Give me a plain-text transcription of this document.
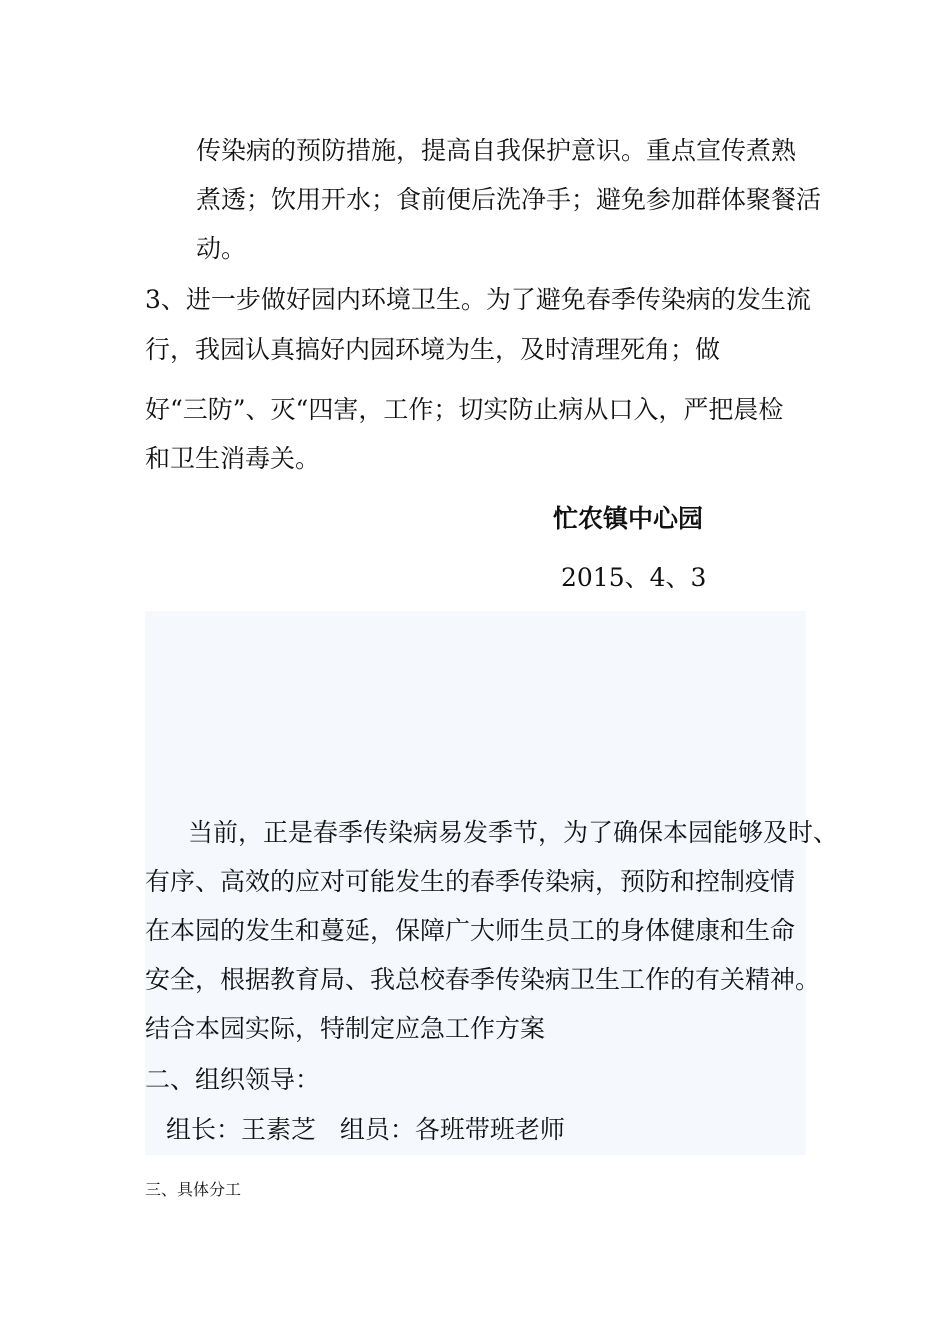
传染病的预防措施，提高自我保护意识。重点宣传煮熟
煮透；饮用开水；食前便后洗净手；避免参加群体聚餐活
动。
3、进一步做好园内环境卫生。为了避免春季传染病的发生流
行，我园认真搞好内园环境为生，及时清理死角；做
好“三防”、灭“四害，工作；切实防止病从口入，严把晨检
和卫生消毒关。
忙农镇中心园
2015、4、3
当前，正是春季传染病易发季节，为了确保本园能够及时、
有序、高效的应对可能发生的春季传染病，预防和控制疫情
在本园的发生和蔓延，保障广大师生员工的身体健康和生命
安全，根据教育局、我总校春季传染病卫生工作的有关精神。
结合本园实际，特制定应急工作方案
二、组织领导：
组长：王素芝   组员：各班带班老师
三、具体分工
